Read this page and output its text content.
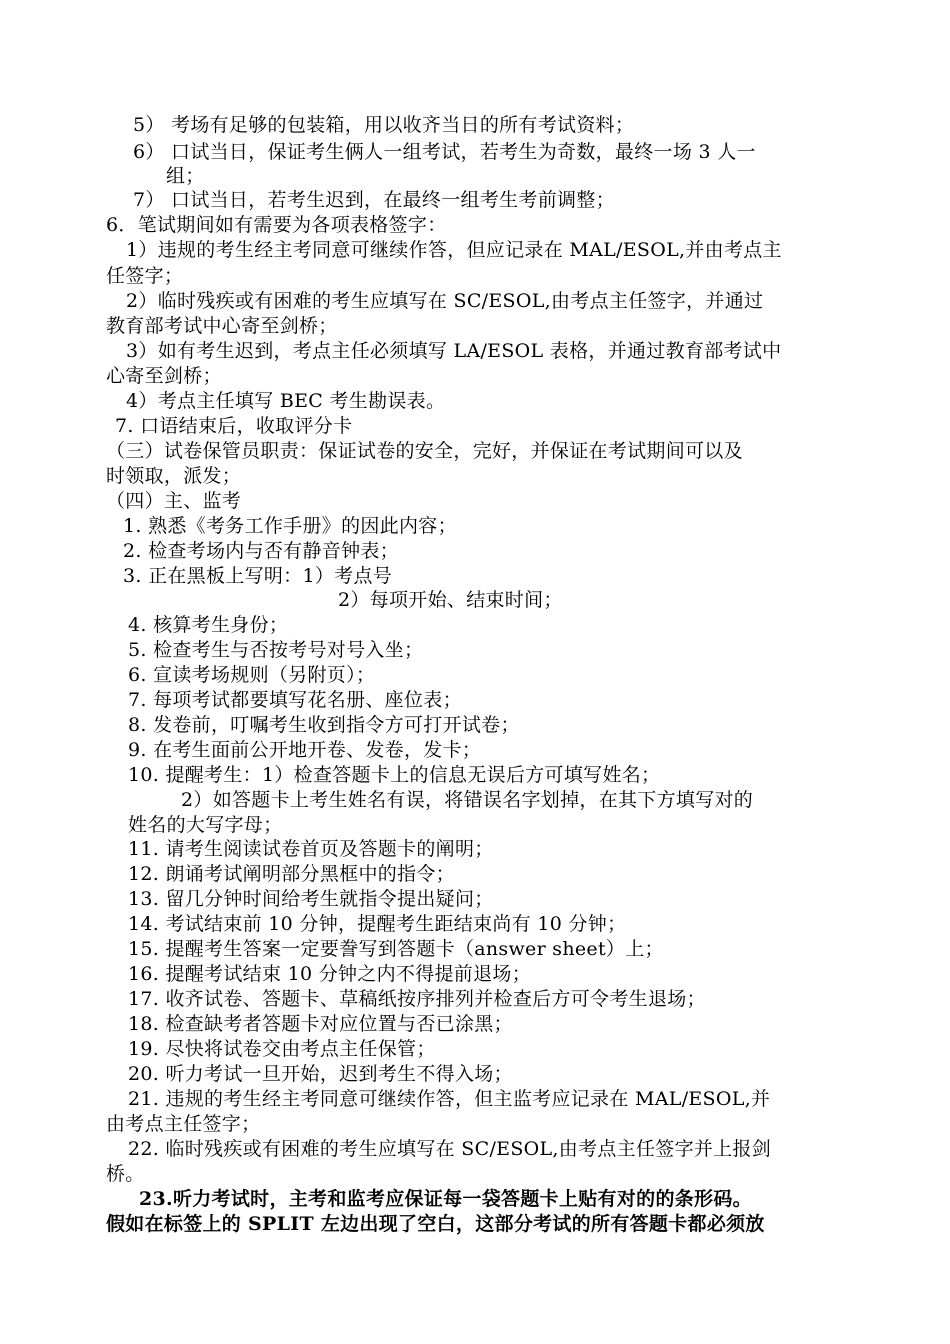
5） 考场有足够的包装箱，用以收齐当日的所有考试资料；
6） 口试当日，保证考生俩人一组考试，若考生为奇数，最终一场 3 人一
组；
7） 口试当日，若考生迟到，在最终一组考生考前调整；
6．笔试期间如有需要为各项表格签字：
1）违规的考生经主考同意可继续作答，但应记录在 MAL/ESOL,并由考点主
任签字；
2）临时残疾或有困难的考生应填写在 SC/ESOL,由考点主任签字，并通过
教育部考试中心寄至剑桥；
3）如有考生迟到，考点主任必须填写 LA/ESOL 表格，并通过教育部考试中
心寄至剑桥；
4）考点主任填写 BEC 考生勘误表。
7. 口语结束后，收取评分卡
（三）试卷保管员职责：保证试卷的安全，完好，并保证在考试期间可以及
时领取，派发；
（四）主、监考
1. 熟悉《考务工作手册》的因此内容；
2. 检查考场内与否有静音钟表；
3. 正在黑板上写明：1）考点号
2）每项开始、结束时间；
4. 核算考生身份；
5. 检查考生与否按考号对号入坐；
6. 宣读考场规则（另附页）；
7. 每项考试都要填写花名册、座位表；
8. 发卷前，叮嘱考生收到指令方可打开试卷；
9. 在考生面前公开地开卷、发卷，发卡；
10. 提醒考生：1）检查答题卡上的信息无误后方可填写姓名；
2）如答题卡上考生姓名有误，将错误名字划掉，在其下方填写对的
姓名的大写字母；
11. 请考生阅读试卷首页及答题卡的阐明；
12. 朗诵考试阐明部分黑框中的指令；
13. 留几分钟时间给考生就指令提出疑问；
14. 考试结束前 10 分钟，提醒考生距结束尚有 10 分钟；
15. 提醒考生答案一定要誊写到答题卡（answer sheet）上；
16. 提醒考试结束 10 分钟之内不得提前退场；
17. 收齐试卷、答题卡、草稿纸按序排列并检查后方可令考生退场；
18. 检查缺考者答题卡对应位置与否已涂黑；
19. 尽快将试卷交由考点主任保管；
20. 听力考试一旦开始，迟到考生不得入场；
21. 违规的考生经主考同意可继续作答，但主监考应记录在 MAL/ESOL,并
由考点主任签字；
22. 临时残疾或有困难的考生应填写在 SC/ESOL,由考点主任签字并上报剑
桥。
23.听力考试时，主考和监考应保证每一袋答题卡上贴有对的的条形码。
假如在标签上的 SPLIT 左边出现了空白，这部分考试的所有答题卡都必须放
